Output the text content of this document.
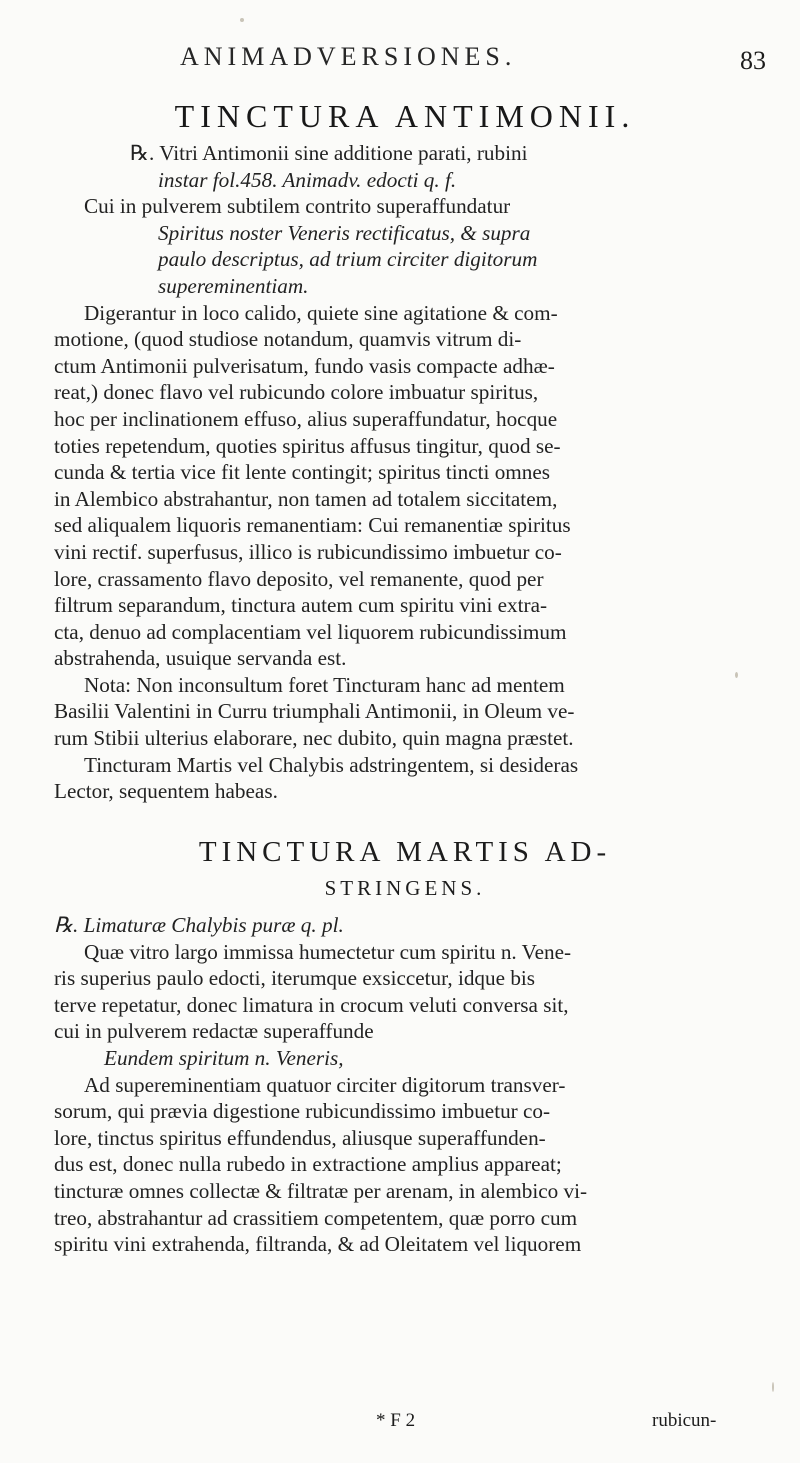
ANIMADVERSIONES.	83
TINCTURA ANTIMONII.

℞. Vitri Antimonii sine additione parati, rubini

instar fol.458. Animadv. edocti q. f.

Cui in pulverem subtilem contrito superaffundatur

Spiritus noster Veneris rectificatus, & supra

paulo descriptus, ad trium circiter digitorum

supereminentiam.

Digerantur in loco calido, quiete sine agitatione & com-

motione, (quod studiose notandum, quamvis vitrum di-

ctum Antimonii pulverisatum, fundo vasis compacte adhæ-

reat,) donec flavo vel rubicundo colore imbuatur spiritus,

hoc per inclinationem effuso, alius superaffundatur, hocque

toties repetendum, quoties spiritus affusus tingitur, quod se-

cunda & tertia vice fit lente contingit; spiritus tincti omnes

in Alembico abstrahantur, non tamen ad totalem siccitatem,

sed aliqualem liquoris remanentiam: Cui remanentiæ spiritus

vini rectif. superfusus, illico is rubicundissimo imbuetur co-

lore, crassamento flavo deposito, vel remanente, quod per

filtrum separandum, tinctura autem cum spiritu vini extra-

cta, denuo ad complacentiam vel liquorem rubicundissimum

abstrahenda, usuique servanda est.

Nota: Non inconsultum foret Tincturam hanc ad mentem

Basilii Valentini in Curru triumphali Antimonii, in Oleum ve-

rum Stibii ulterius elaborare, nec dubito, quin magna præstet.

Tincturam Martis vel Chalybis adstringentem, si desideras

Lector, sequentem habeas.

TINCTURA MARTIS AD-
STRINGENS.

℞. Limaturæ Chalybis puræ q. pl.

Quæ vitro largo immissa humectetur cum spiritu n. Vene-

ris superius paulo edocti, iterumque exsiccetur, idque bis

terve repetatur, donec limatura in crocum veluti conversa sit,

cui in pulverem redactæ superaffunde

Eundem spiritum n. Veneris,

Ad supereminentiam quatuor circiter digitorum transver-

sorum, qui prævia digestione rubicundissimo imbuetur co-

lore, tinctus spiritus effundendus, aliusque superaffunden-

dus est, donec nulla rubedo in extractione amplius appareat;

tincturæ omnes collectæ & filtratæ per arenam, in alembico vi-

treo, abstrahantur ad crassitiem competentem, quæ porro cum

spiritu vini extrahenda, filtranda, & ad Oleitatem vel liquorem

* F 2	rubicun-
